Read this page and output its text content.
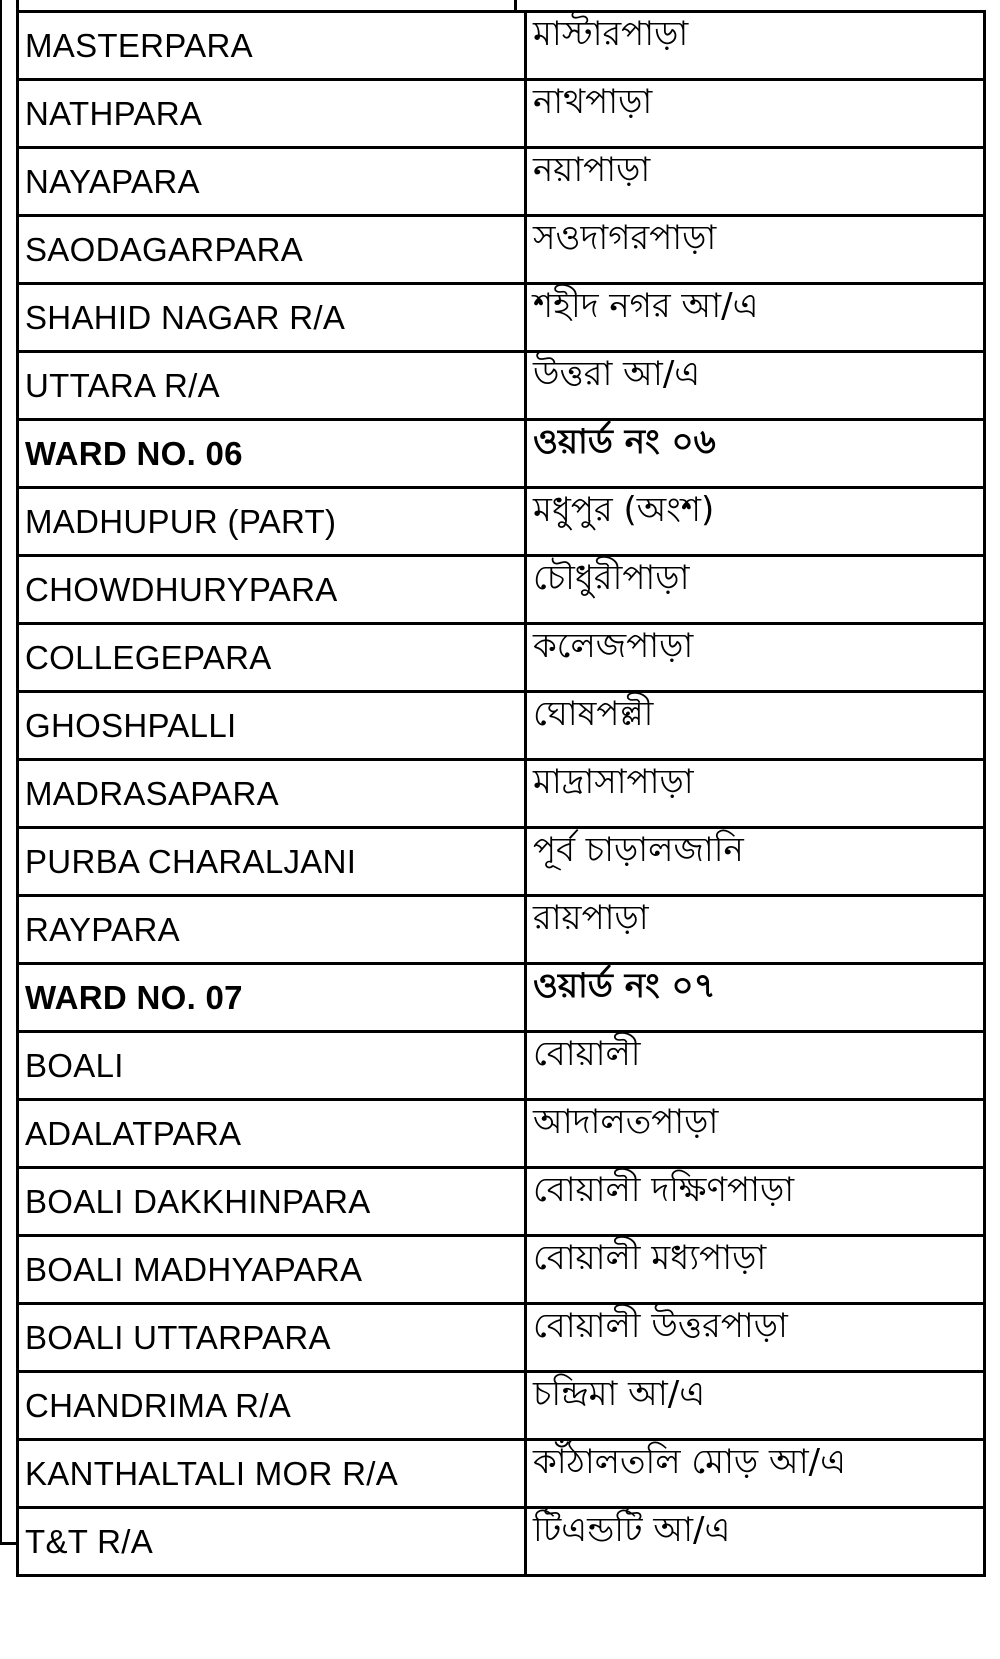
MASTERPARA	মাস্টারপাড়া
NATHPARA	নাথপাড়া
NAYAPARA	নয়াপাড়া
SAODAGARPARA	সওদাগরপাড়া
SHAHID NAGAR R/A	শহীদ নগর আ/এ
UTTARA R/A	উত্তরা আ/এ
WARD NO. 06	ওয়ার্ড নং ০৬
MADHUPUR (PART)	মধুপুর (অংশ)
CHOWDHURYPARA	চৌধুরীপাড়া
COLLEGEPARA	কলেজপাড়া
GHOSHPALLI	ঘোষপল্লী
MADRASAPARA	মাদ্রাসাপাড়া
PURBA CHARALJANI	পূর্ব চাড়ালজানি
RAYPARA	রায়পাড়া
WARD NO. 07	ওয়ার্ড নং ০৭
BOALI	বোয়ালী
ADALATPARA	আদালতপাড়া
BOALI DAKKHINPARA	বোয়ালী দক্ষিণপাড়া
BOALI MADHYAPARA	বোয়ালী মধ্যপাড়া
BOALI UTTARPARA	বোয়ালী উত্তরপাড়া
CHANDRIMA R/A	চন্দ্রিমা আ/এ
KANTHALTALI MOR R/A	কাঁঠালতলি মোড় আ/এ
T&T R/A	টিএন্ডটি আ/এ
